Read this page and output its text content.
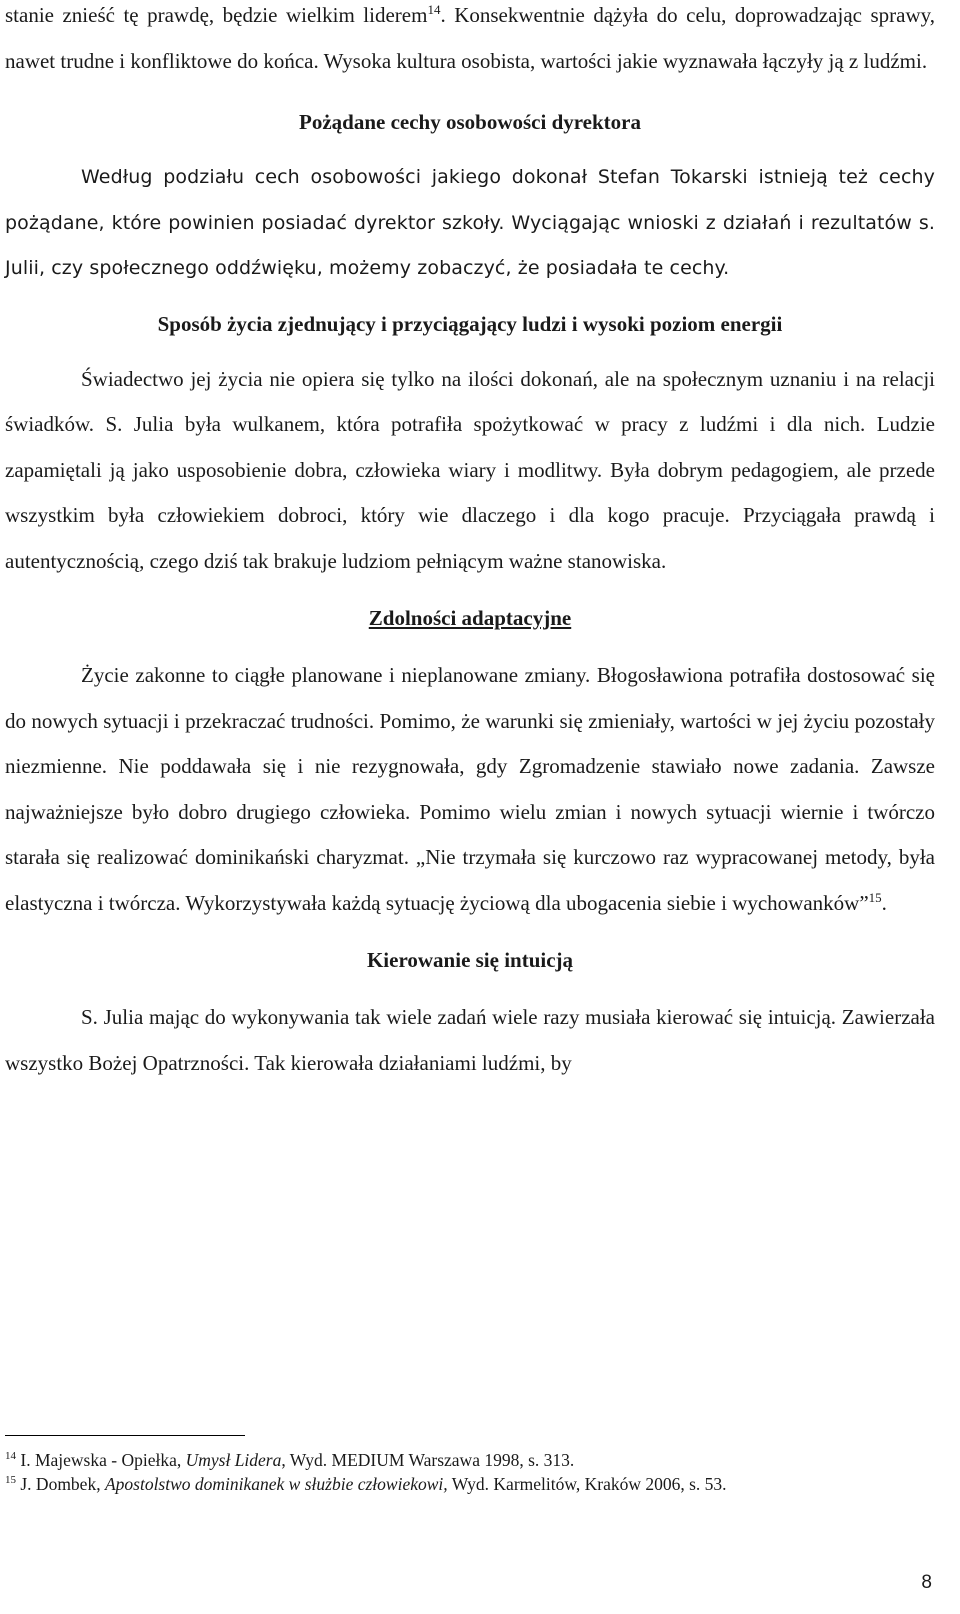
stanie znieść tę prawdę, będzie wielkim liderem$^{14}$. Konsekwentnie dążyła do celu, doprowadzając sprawy, nawet trudne i konfliktowe do końca. Wysoka kultura osobista, wartości jakie wyznawała łączyły ją z ludźmi.

Pożądane cechy osobowości dyrektora

Według podziału cech osobowości jakiego dokonał Stefan Tokarski istnieją też cechy pożądane, które powinien posiadać dyrektor szkoły. Wyciągając wnioski z działań i rezultatów s. Julii, czy społecznego oddźwięku, możemy zobaczyć, że posiadała te cechy.

Sposób życia zjednujący i przyciągający ludzi i wysoki poziom energii

Świadectwo jej życia nie opiera się tylko na ilości dokonań, ale na społecznym uznaniu i na relacji świadków. S. Julia była wulkanem, która potrafiła spożytkować w pracy z ludźmi i dla nich. Ludzie zapamiętali ją jako usposobienie dobra, człowieka wiary i modlitwy. Była dobrym pedagogiem, ale przede wszystkim była człowiekiem dobroci, który wie dlaczego i dla kogo pracuje. Przyciągała prawdą i autentycznością, czego dziś tak brakuje ludziom pełniącym ważne stanowiska.

Zdolności adaptacyjne

Życie zakonne to ciągłe planowane i nieplanowane zmiany. Błogosławiona potrafiła dostosować się do nowych sytuacji i przekraczać trudności. Pomimo, że warunki się zmieniały, wartości w jej życiu pozostały niezmienne. Nie poddawała się i nie rezygnowała, gdy Zgromadzenie stawiało nowe zadania. Zawsze najważniejsze było dobro drugiego człowieka. Pomimo wielu zmian i nowych sytuacji wiernie i twórczo starała się realizować dominikański charyzmat. „Nie trzymała się kurczowo raz wypracowanej metody, była elastyczna i twórcza. Wykorzystywała każdą sytuację życiową dla ubogacenia siebie i wychowanków”$^{15}$.

Kierowanie się intuicją

S. Julia mając do wykonywania tak wiele zadań wiele razy musiała kierować się intuicją. Zawierzała wszystko Bożej Opatrzności. Tak kierowała działaniami ludźmi, by

$^{14}$ I. Majewska - Opiełka, Umysł Lidera, Wyd. MEDIUM Warszawa 1998, s. 313.

$^{15}$ J. Dombek, Apostolstwo dominikanek w służbie człowiekowi, Wyd. Karmelitów, Kraków 2006, s. 53.

8
